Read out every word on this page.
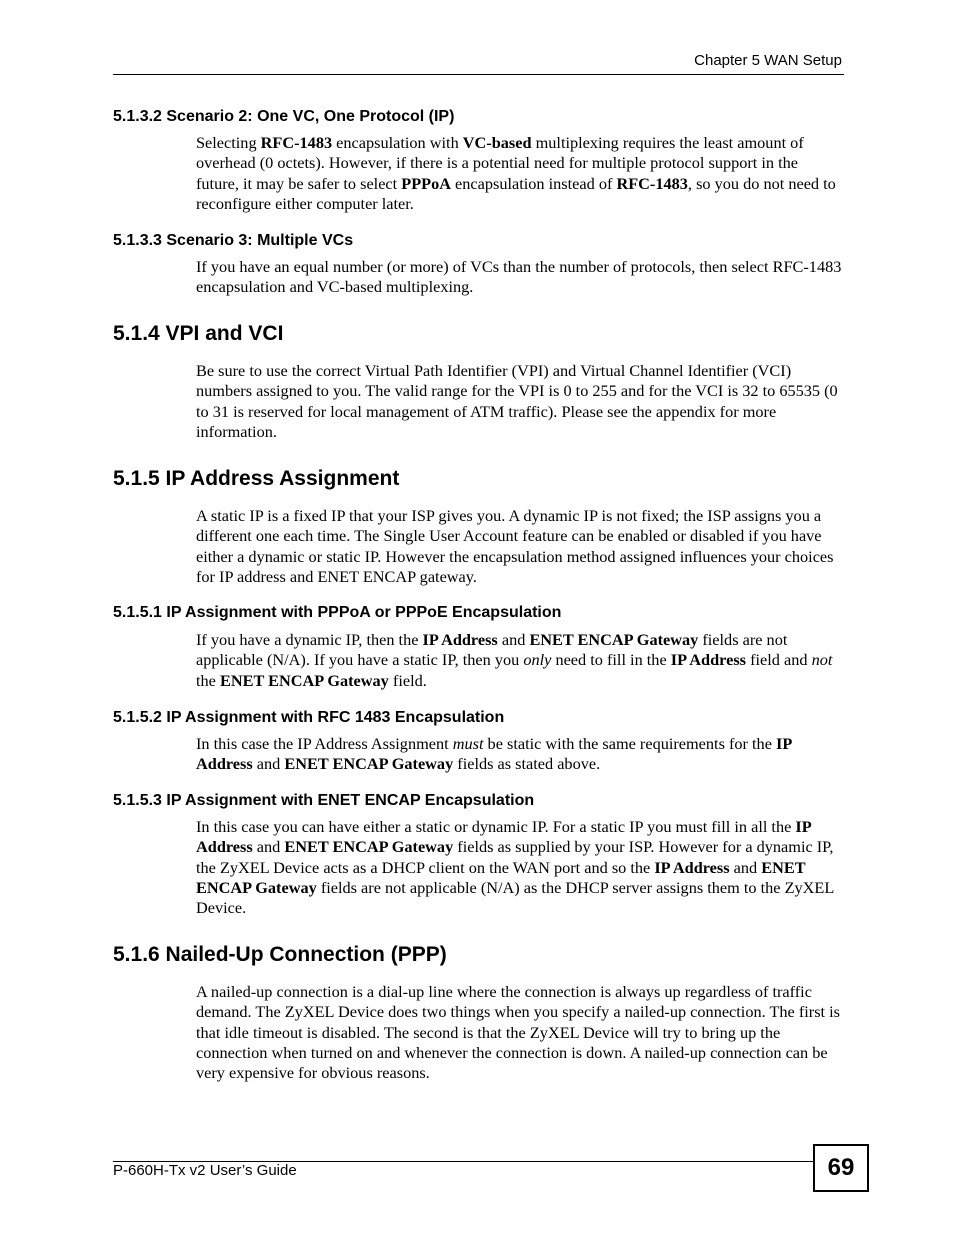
Chapter 5 WAN Setup
5.1.3.2 Scenario 2: One VC, One Protocol (IP)
Selecting RFC-1483 encapsulation with VC-based multiplexing requires the least amount of overhead (0 octets). However, if there is a potential need for multiple protocol support in the future, it may be safer to select PPPoA encapsulation instead of RFC-1483, so you do not need to reconfigure either computer later.
5.1.3.3 Scenario 3: Multiple VCs
If you have an equal number (or more) of VCs than the number of protocols, then select RFC-1483 encapsulation and VC-based multiplexing.
5.1.4 VPI and VCI
Be sure to use the correct Virtual Path Identifier (VPI) and Virtual Channel Identifier (VCI) numbers assigned to you. The valid range for the VPI is 0 to 255 and for the VCI is 32 to 65535 (0 to 31 is reserved for local management of ATM traffic). Please see the appendix for more information.
5.1.5 IP Address Assignment
A static IP is a fixed IP that your ISP gives you. A dynamic IP is not fixed; the ISP assigns you a different one each time. The Single User Account feature can be enabled or disabled if you have either a dynamic or static IP. However the encapsulation method assigned influences your choices for IP address and ENET ENCAP gateway.
5.1.5.1 IP Assignment with PPPoA or PPPoE Encapsulation
If you have a dynamic IP, then the IP Address and ENET ENCAP Gateway fields are not applicable (N/A). If you have a static IP, then you only need to fill in the IP Address field and not the ENET ENCAP Gateway field.
5.1.5.2 IP Assignment with RFC 1483 Encapsulation
In this case the IP Address Assignment must be static with the same requirements for the IP Address and ENET ENCAP Gateway fields as stated above.
5.1.5.3 IP Assignment with ENET ENCAP Encapsulation
In this case you can have either a static or dynamic IP. For a static IP you must fill in all the IP Address and ENET ENCAP Gateway fields as supplied by your ISP. However for a dynamic IP, the ZyXEL Device acts as a DHCP client on the WAN port and so the IP Address and ENET ENCAP Gateway fields are not applicable (N/A) as the DHCP server assigns them to the ZyXEL Device.
5.1.6 Nailed-Up Connection (PPP)
A nailed-up connection is a dial-up line where the connection is always up regardless of traffic demand. The ZyXEL Device does two things when you specify a nailed-up connection. The first is that idle timeout is disabled. The second is that the ZyXEL Device will try to bring up the connection when turned on and whenever the connection is down. A nailed-up connection can be very expensive for obvious reasons.
P-660H-Tx v2 User’s Guide	69
